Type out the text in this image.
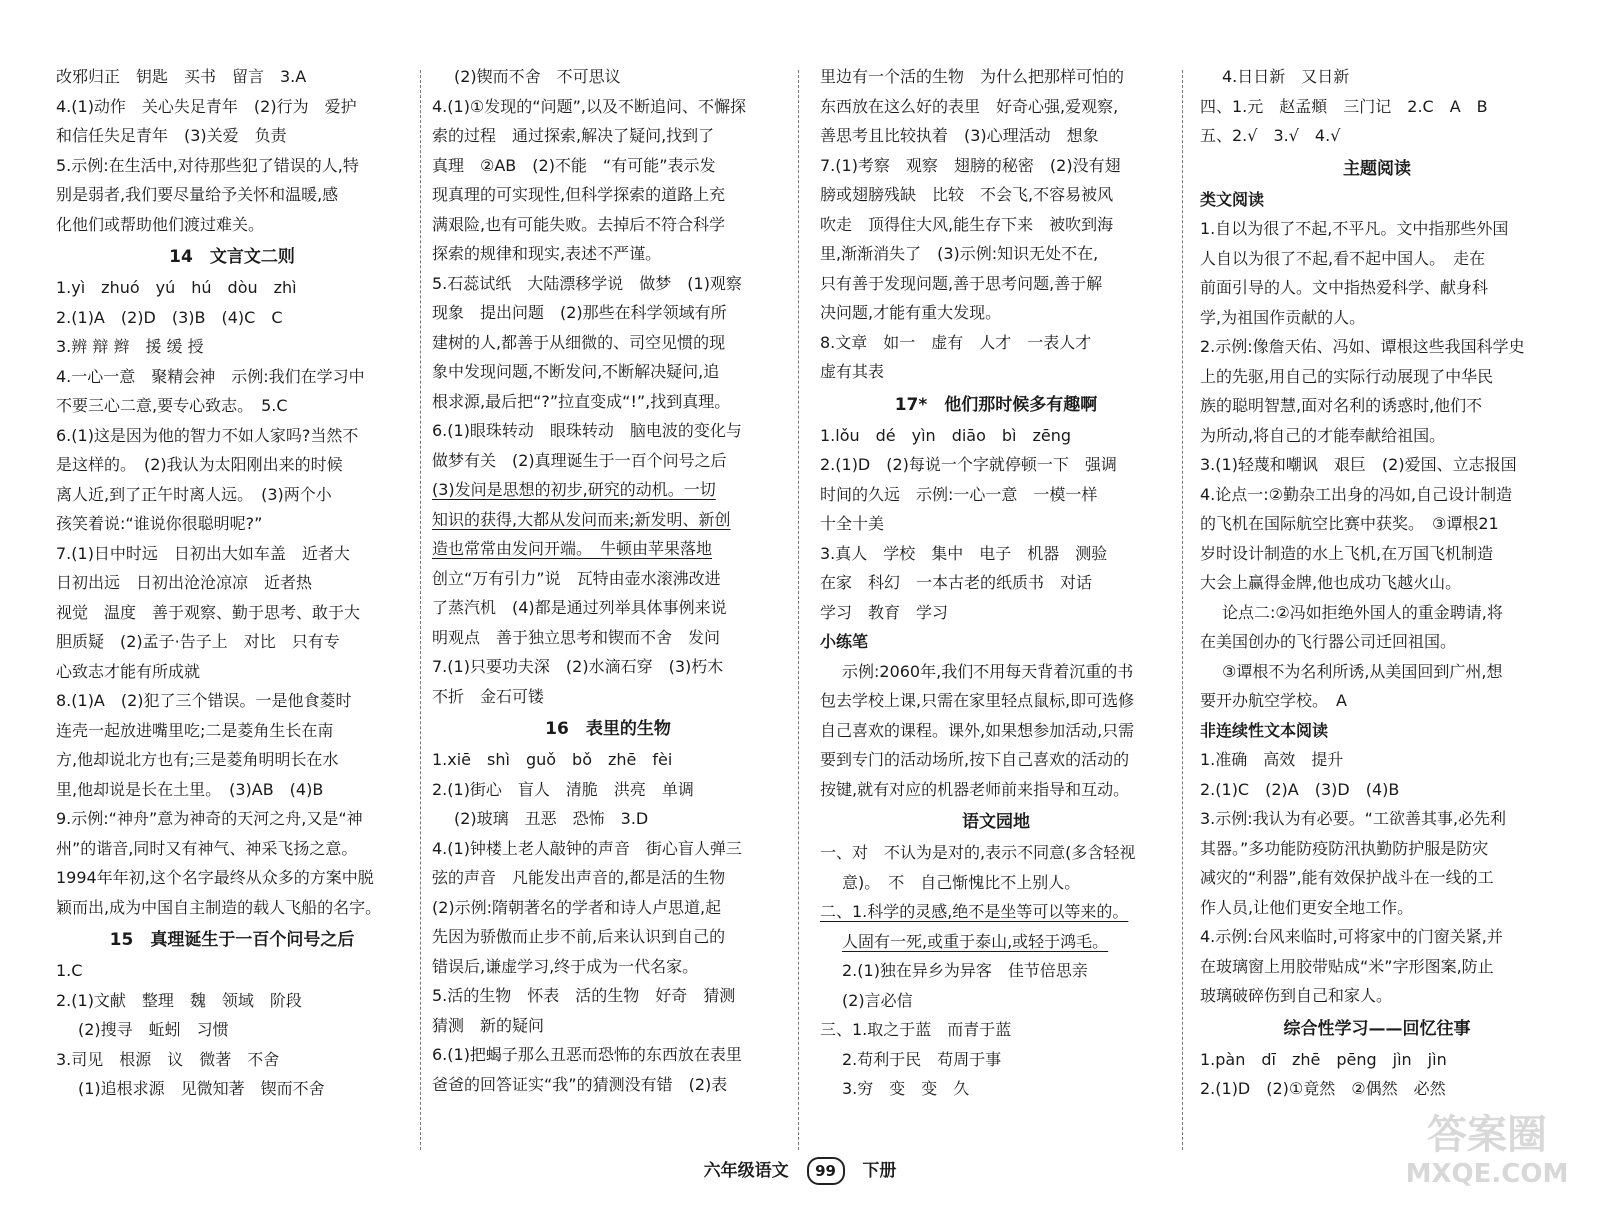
改邪归正　钥匙　买书　留言　3.A
4.(1)动作　关心失足青年　(2)行为　爱护
和信任失足青年　(3)关爱　负责
5.示例:在生活中,对待那些犯了错误的人,特
别是弱者,我们要尽量给予关怀和温暖,感
化他们或帮助他们渡过难关。
14　文言文二则
1.yì　zhuó　yú　hú　dòu　zhì
2.(1)A　(2)D　(3)B　(4)C　C
3.辨 辩 辫　援 缓 授
4.一心一意　聚精会神　示例:我们在学习中
不要三心二意,要专心致志。　5.C
6.(1)这是因为他的智力不如人家吗?当然不
是这样的。　(2)我认为太阳刚出来的时候
离人近,到了正午时离人远。　(3)两个小
孩笑着说:“谁说你很聪明呢?”
7.(1)日中时远　日初出大如车盖　近者大
日初出远　日初出沧沧凉凉　近者热
视觉　温度　善于观察、勤于思考、敢于大
胆质疑　(2)孟子·告子上　对比　只有专
心致志才能有所成就
8.(1)A　(2)犯了三个错误。一是他食菱时
连壳一起放进嘴里吃;二是菱角生长在南
方,他却说北方也有;三是菱角明明长在水
里,他却说是长在土里。　(3)AB　(4)B
9.示例:“神舟”意为神奇的天河之舟,又是“神
州”的谐音,同时又有神气、神采飞扬之意。
1994年年初,这个名字最终从众多的方案中脱
颖而出,成为中国自主制造的载人飞船的名字。
15　真理诞生于一百个问号之后
1.C
2.(1)文献　整理　魏　领域　阶段
(2)搜寻　蚯蚓　习惯
3.司见　根源　议　微著　不舍
(1)追根求源　见微知著　锲而不舍
(2)锲而不舍　不可思议
4.(1)①发现的“问题”,以及不断追问、不懈探
索的过程　通过探索,解决了疑问,找到了
真理　②AB　(2)不能　“有可能”表示发
现真理的可实现性,但科学探索的道路上充
满艰险,也有可能失败。去掉后不符合科学
探索的规律和现实,表述不严谨。
5.石蕊试纸　大陆漂移学说　做梦　(1)观察
现象　提出问题　(2)那些在科学领域有所
建树的人,都善于从细微的、司空见惯的现
象中发现问题,不断发问,不断解决疑问,追
根求源,最后把“?”拉直变成“!”,找到真理。
6.(1)眼珠转动　眼珠转动　脑电波的变化与
做梦有关　(2)真理诞生于一百个问号之后
(3)发问是思想的初步,研究的动机。一切
知识的获得,大都从发问而来;新发明、新创
造也常常由发问开端。　牛顿由苹果落地
创立“万有引力”说　瓦特由壶水滚沸改进
了蒸汽机　(4)都是通过列举具体事例来说
明观点　善于独立思考和锲而不舍　发问
7.(1)只要功夫深　(2)水滴石穿　(3)朽木
不折　金石可镂
16　表里的生物
1.xiē　shì　guǒ　bǒ　zhē　fèi
2.(1)街心　盲人　清脆　洪亮　单调
(2)玻璃　丑恶　恐怖　3.D
4.(1)钟楼上老人敲钟的声音　街心盲人弹三
弦的声音　凡能发出声音的,都是活的生物
(2)示例:隋朝著名的学者和诗人卢思道,起
先因为骄傲而止步不前,后来认识到自己的
错误后,谦虚学习,终于成为一代名家。
5.活的生物　怀表　活的生物　好奇　猜测
猜测　新的疑问
6.(1)把蝎子那么丑恶而恐怖的东西放在表里
爸爸的回答证实“我”的猜测没有错　(2)表
里边有一个活的生物　为什么把那样可怕的
东西放在这么好的表里　好奇心强,爱观察,
善思考且比较执着　(3)心理活动　想象
7.(1)考察　观察　翅膀的秘密　(2)没有翅
膀或翅膀残缺　比较　不会飞,不容易被风
吹走　顶得住大风,能生存下来　被吹到海
里,渐渐消失了　(3)示例:知识无处不在,
只有善于发现问题,善于思考问题,善于解
决问题,才能有重大发现。
8.文章　如一　虚有　人才　一表人才
虚有其表
17*　他们那时候多有趣啊
1.lǒu　dé　yìn　diāo　bì　zēng
2.(1)D　(2)每说一个字就停顿一下　强调
时间的久远　示例:一心一意　一模一样
十全十美
3.真人　学校　集中　电子　机器　测验
在家　科幻　一本古老的纸质书　对话
学习　教育　学习
小练笔
示例:2060年,我们不用每天背着沉重的书
包去学校上课,只需在家里轻点鼠标,即可选修
自己喜欢的课程。课外,如果想参加活动,只需
要到专门的活动场所,按下自己喜欢的活动的
按键,就有对应的机器老师前来指导和互动。
语文园地
一、对　不认为是对的,表示不同意(多含轻视
意)。　不　自己惭愧比不上别人。
二、1.科学的灵感,绝不是坐等可以等来的。
人固有一死,或重于泰山,或轻于鸿毛。
2.(1)独在异乡为异客　佳节倍思亲
(2)言必信
三、1.取之于蓝　而青于蓝
2.苟利于民　苟周于事
3.穷　变　变　久
4.日日新　又日新
四、1.元　赵孟頫　三门记　2.C　A　B
五、2.√　3.√　4.√
主题阅读
类文阅读
1.自以为很了不起,不平凡。文中指那些外国
人自以为很了不起,看不起中国人。　走在
前面引导的人。文中指热爱科学、献身科
学,为祖国作贡献的人。
2.示例:像詹天佑、冯如、谭根这些我国科学史
上的先驱,用自己的实际行动展现了中华民
族的聪明智慧,面对名利的诱惑时,他们不
为所动,将自己的才能奉献给祖国。
3.(1)轻蔑和嘲讽　艰巨　(2)爱国、立志报国
4.论点一:②勤杂工出身的冯如,自己设计制造
的飞机在国际航空比赛中获奖。　③谭根21
岁时设计制造的水上飞机,在万国飞机制造
大会上赢得金牌,他也成功飞越火山。
论点二:②冯如拒绝外国人的重金聘请,将
在美国创办的飞行器公司迁回祖国。
③谭根不为名利所诱,从美国回到广州,想
要开办航空学校。　A
非连续性文本阅读
1.准确　高效　提升
2.(1)C　(2)A　(3)D　(4)B
3.示例:我认为有必要。“工欲善其事,必先利
其器。”多功能防疫防汛执勤防护服是防灾
减灾的“利器”,能有效保护战斗在一线的工
作人员,让他们更安全地工作。
4.示例:台风来临时,可将家中的门窗关紧,并
在玻璃窗上用胶带贴成“米”字形图案,防止
玻璃破碎伤到自己和家人。
综合性学习——回忆往事
1.pàn　dī　zhē　pēng　jìn　jìn
2.(1)D　(2)①竟然　②偶然　必然
六年级语文 99 下册
答案圈
MXQE.COM
